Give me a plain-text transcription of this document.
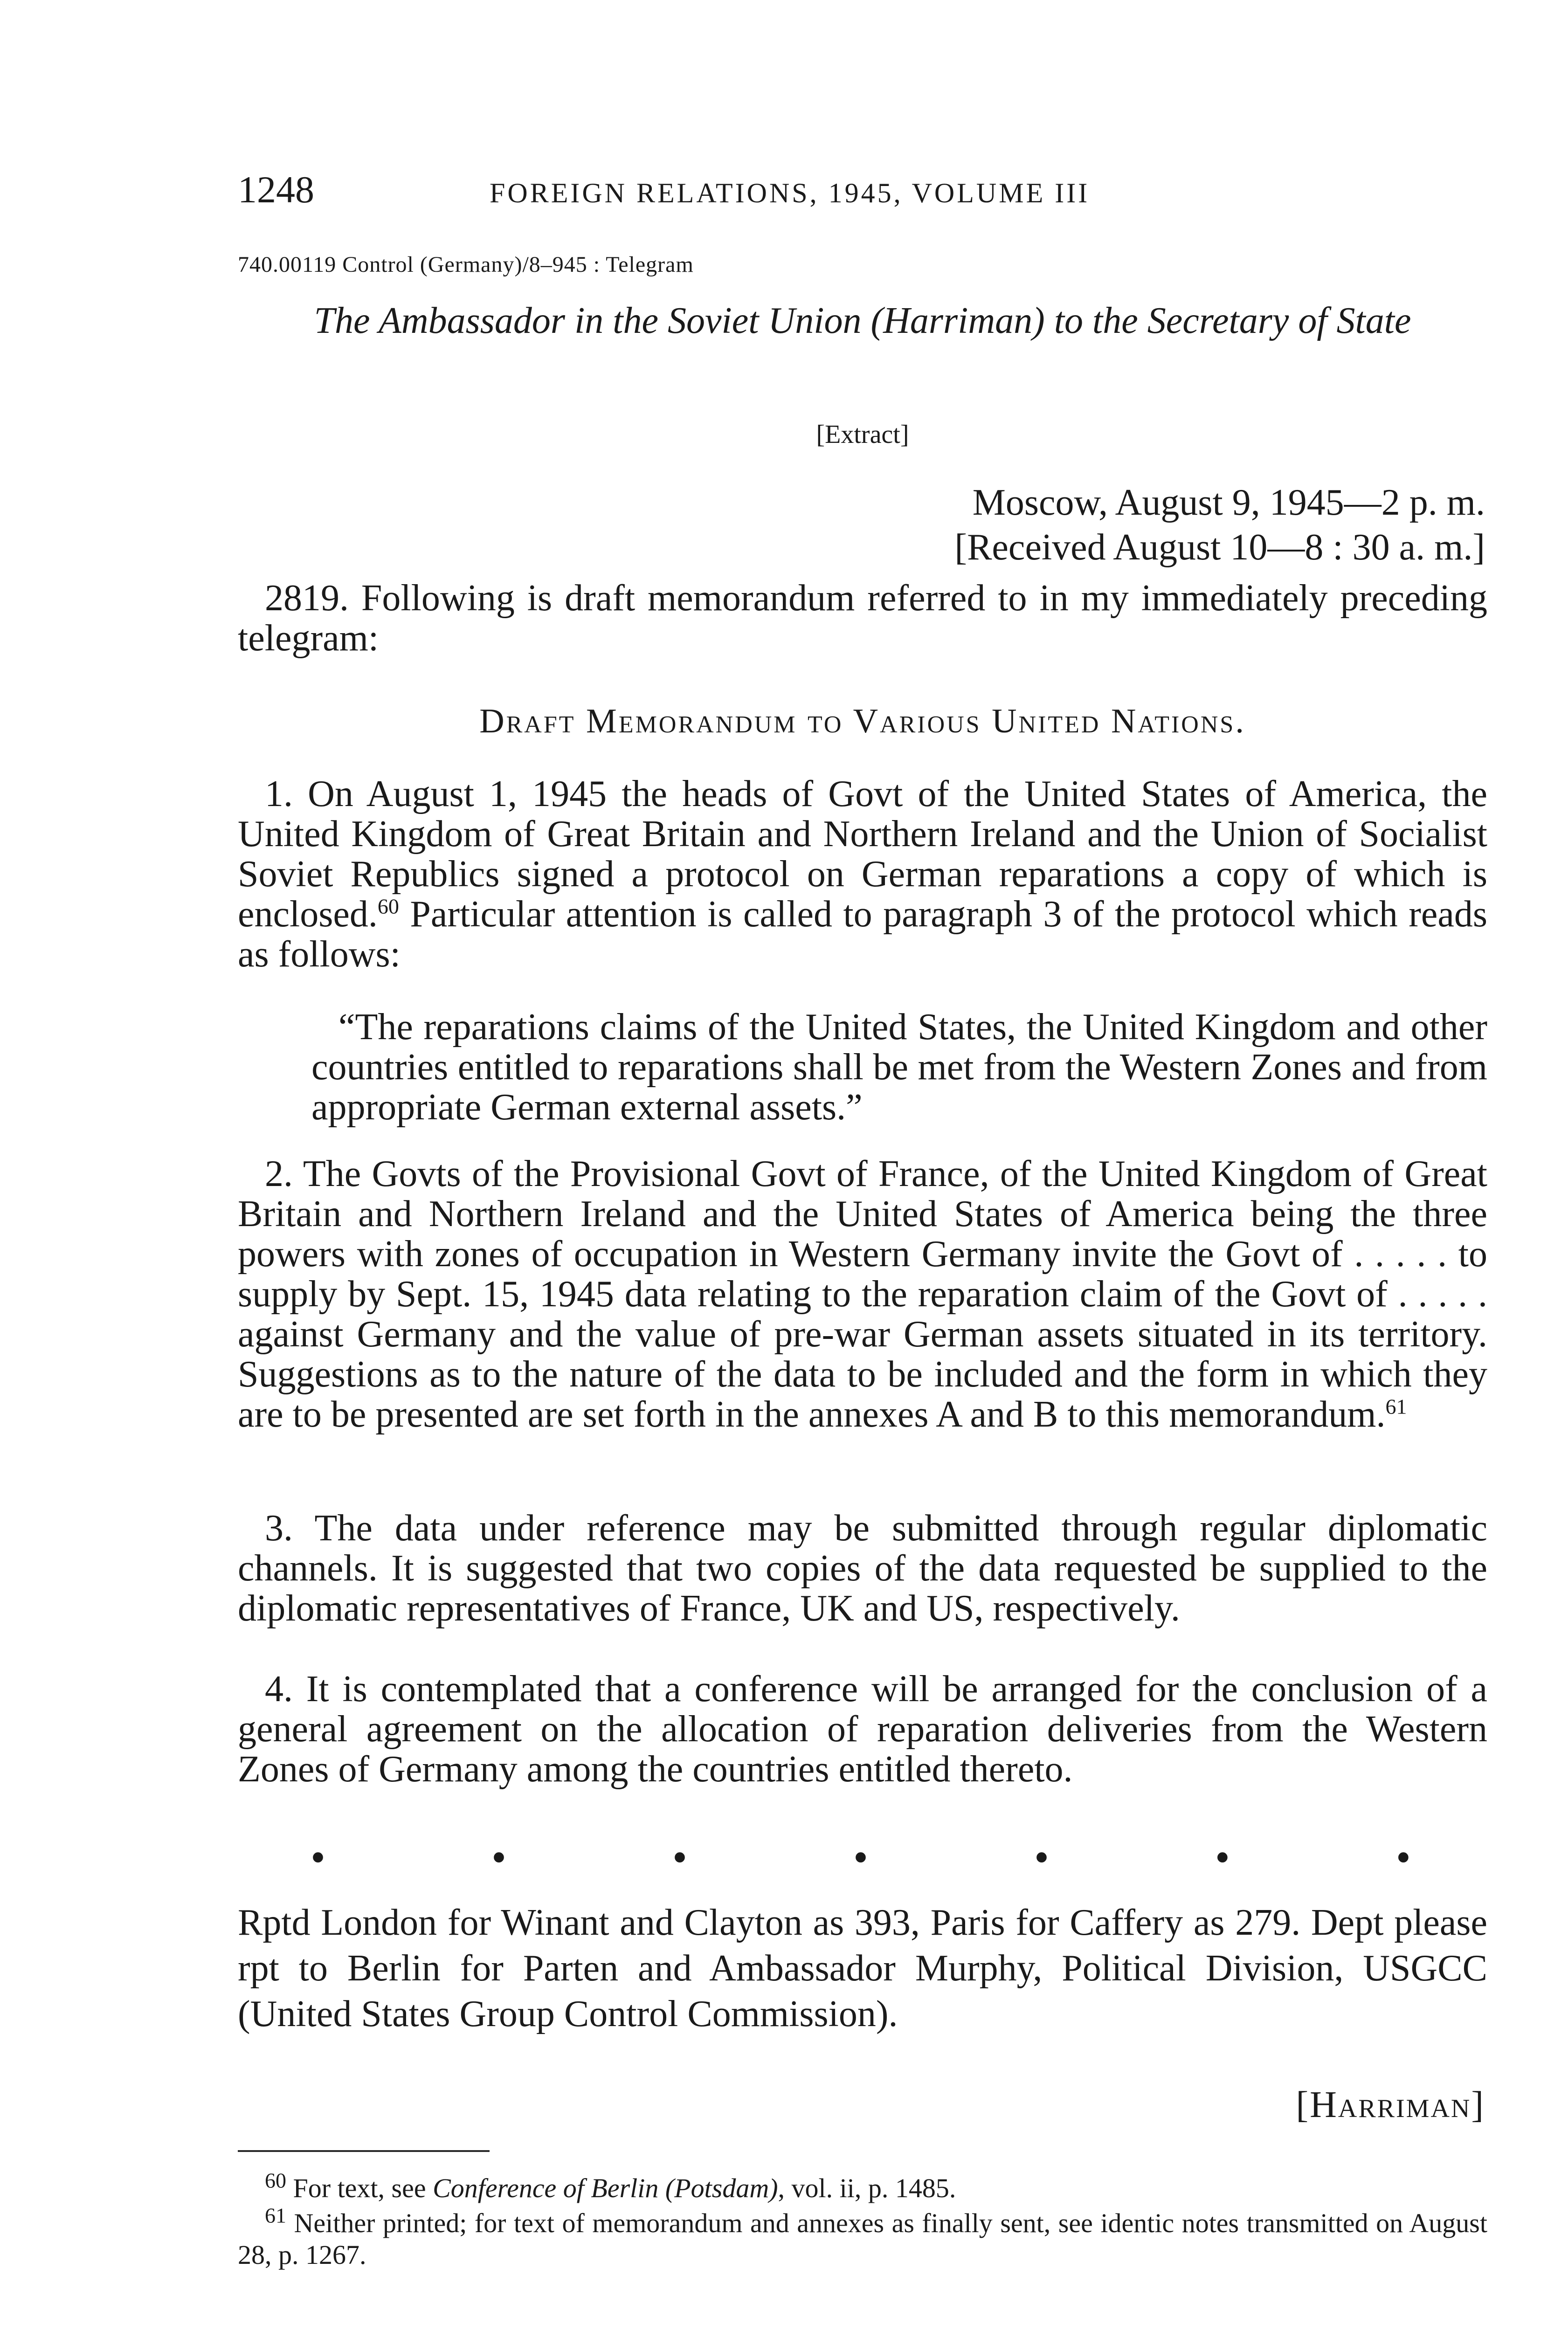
1248	FOREIGN RELATIONS, 1945, VOLUME III
740.00119 Control (Germany)/8–945 : Telegram
The Ambassador in the Soviet Union (Harriman) to the Secretary of State
[Extract]
Moscow, August 9, 1945—2 p. m.
[Received August 10—8 : 30 a. m.]
2819. Following is draft memorandum referred to in my immediately preceding telegram:
Draft Memorandum to Various United Nations.
1. On August 1, 1945 the heads of Govt of the United States of America, the United Kingdom of Great Britain and Northern Ireland and the Union of Socialist Soviet Republics signed a protocol on German reparations a copy of which is enclosed.$^{60}$ Particular attention is called to paragraph 3 of the protocol which reads as follows:
“The reparations claims of the United States, the United Kingdom and other countries entitled to reparations shall be met from the Western Zones and from appropriate German external assets.”
2. The Govts of the Provisional Govt of France, of the United Kingdom of Great Britain and Northern Ireland and the United States of America being the three powers with zones of occupation in Western Germany invite the Govt of . . . . . to supply by Sept. 15, 1945 data relating to the reparation claim of the Govt of . . . . . against Germany and the value of pre-war German assets situated in its territory. Suggestions as to the nature of the data to be included and the form in which they are to be presented are set forth in the annexes A and B to this memorandum.$^{61}$
3. The data under reference may be submitted through regular diplomatic channels. It is suggested that two copies of the data requested be supplied to the diplomatic representatives of France, UK and US, respectively.
4. It is contemplated that a conference will be arranged for the conclusion of a general agreement on the allocation of reparation deliveries from the Western Zones of Germany among the countries entitled thereto.
•	•	•	•	•	•	•
Rptd London for Winant and Clayton as 393, Paris for Caffery as 279. Dept please rpt to Berlin for Parten and Ambassador Murphy, Political Division, USGCC (United States Group Control Commission).
[Harriman]
$^{60}$ For text, see Conference of Berlin (Potsdam), vol. ii, p. 1485.
$^{61}$ Neither printed; for text of memorandum and annexes as finally sent, see identic notes transmitted on August 28, p. 1267.
